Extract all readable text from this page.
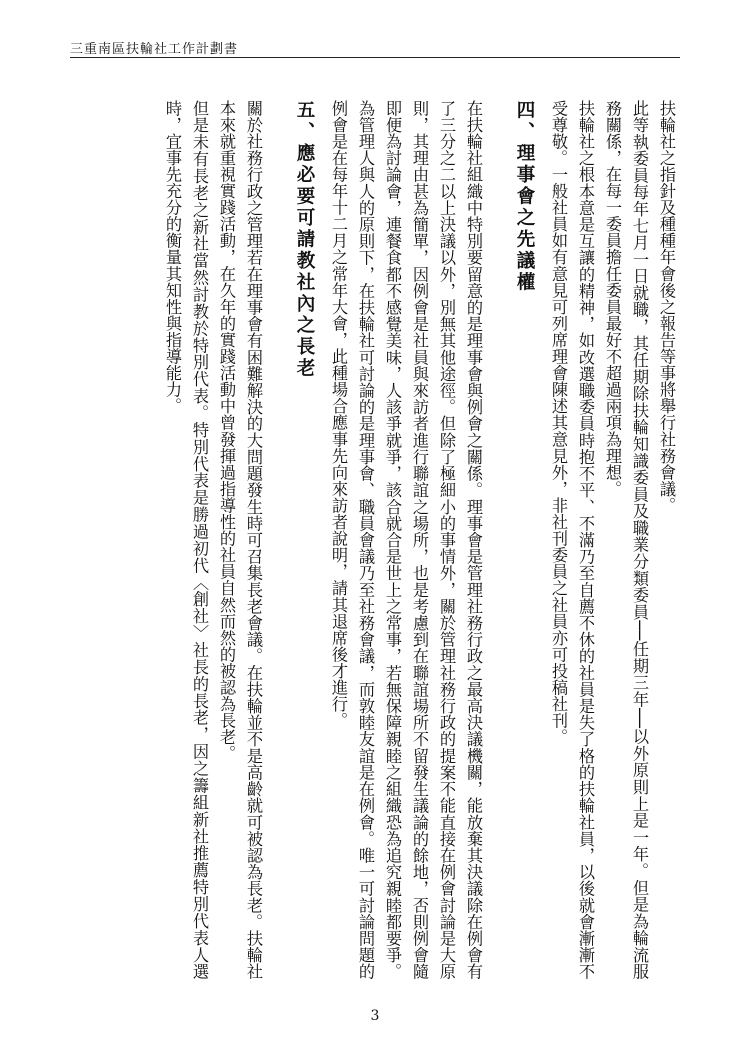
三重南區扶輪社工作計劃書

扶輪社之指針及種種年會後之報告等事將舉行社務會議。

此等執委員每年七月一日就職，其任期除扶輪知識委員及職業分類委員──任期三年──以外原則上是一年。但是為輪流服務關係，在每一委員擔任委員最好不超過兩項為理想。

扶輪社之根本意是互讓的精神，如改選職委員時抱不平、不滿乃至自薦不休的社員是失了格的扶輪社員，以後就會漸漸不受尊敬。一般社員如有意見可列席理會陳述其意見外，非社刊委員之社員亦可投稿社刊。

四、理事會之先議權

在扶輪社組織中特別要留意的是理事會與例會之關係。理事會是管理社務行政之最高決議機關，能放棄其決議除在例會有了三分之二以上決議以外，別無其他途徑。但除了極細小的事情外，關於管理社務行政的提案不能直接在例會討論是大原則，其理由甚為簡單，因例會是社員與來訪者進行聯誼之場所，也是考慮到在聯誼場所不留發生議論的餘地，否則例會隨即便為討論會，連餐食都不感覺美味，人該爭就爭，該合就合是世上之常事，若無保障親睦之組織恐為追究親睦都要爭。為管理人與人的原則下，在扶輪社可討論的是理事會、職員會議乃至社務會議，而敦睦友誼是在例會。唯一可討論問題的例會是在每年十二月之常年大會，此種場合應事先向來訪者說明，請其退席後才進行。

五、應必要可請教社內之長老

關於社務行政之管理若在理事會有困難解決的大問題發生時可召集長老會議。在扶輪並不是高齡就可被認為長老。扶輪社本來就重視實踐活動，在久年的實踐活動中曾發揮過指導性的社員自然而然的被認為長老。

但是未有長老之新社當然討教於特別代表。特別代表是勝過初代〈創社〉社長的長老，因之籌組新社推薦特別代表人選時，宜事先充分的衡量其知性與指導能力。

3
